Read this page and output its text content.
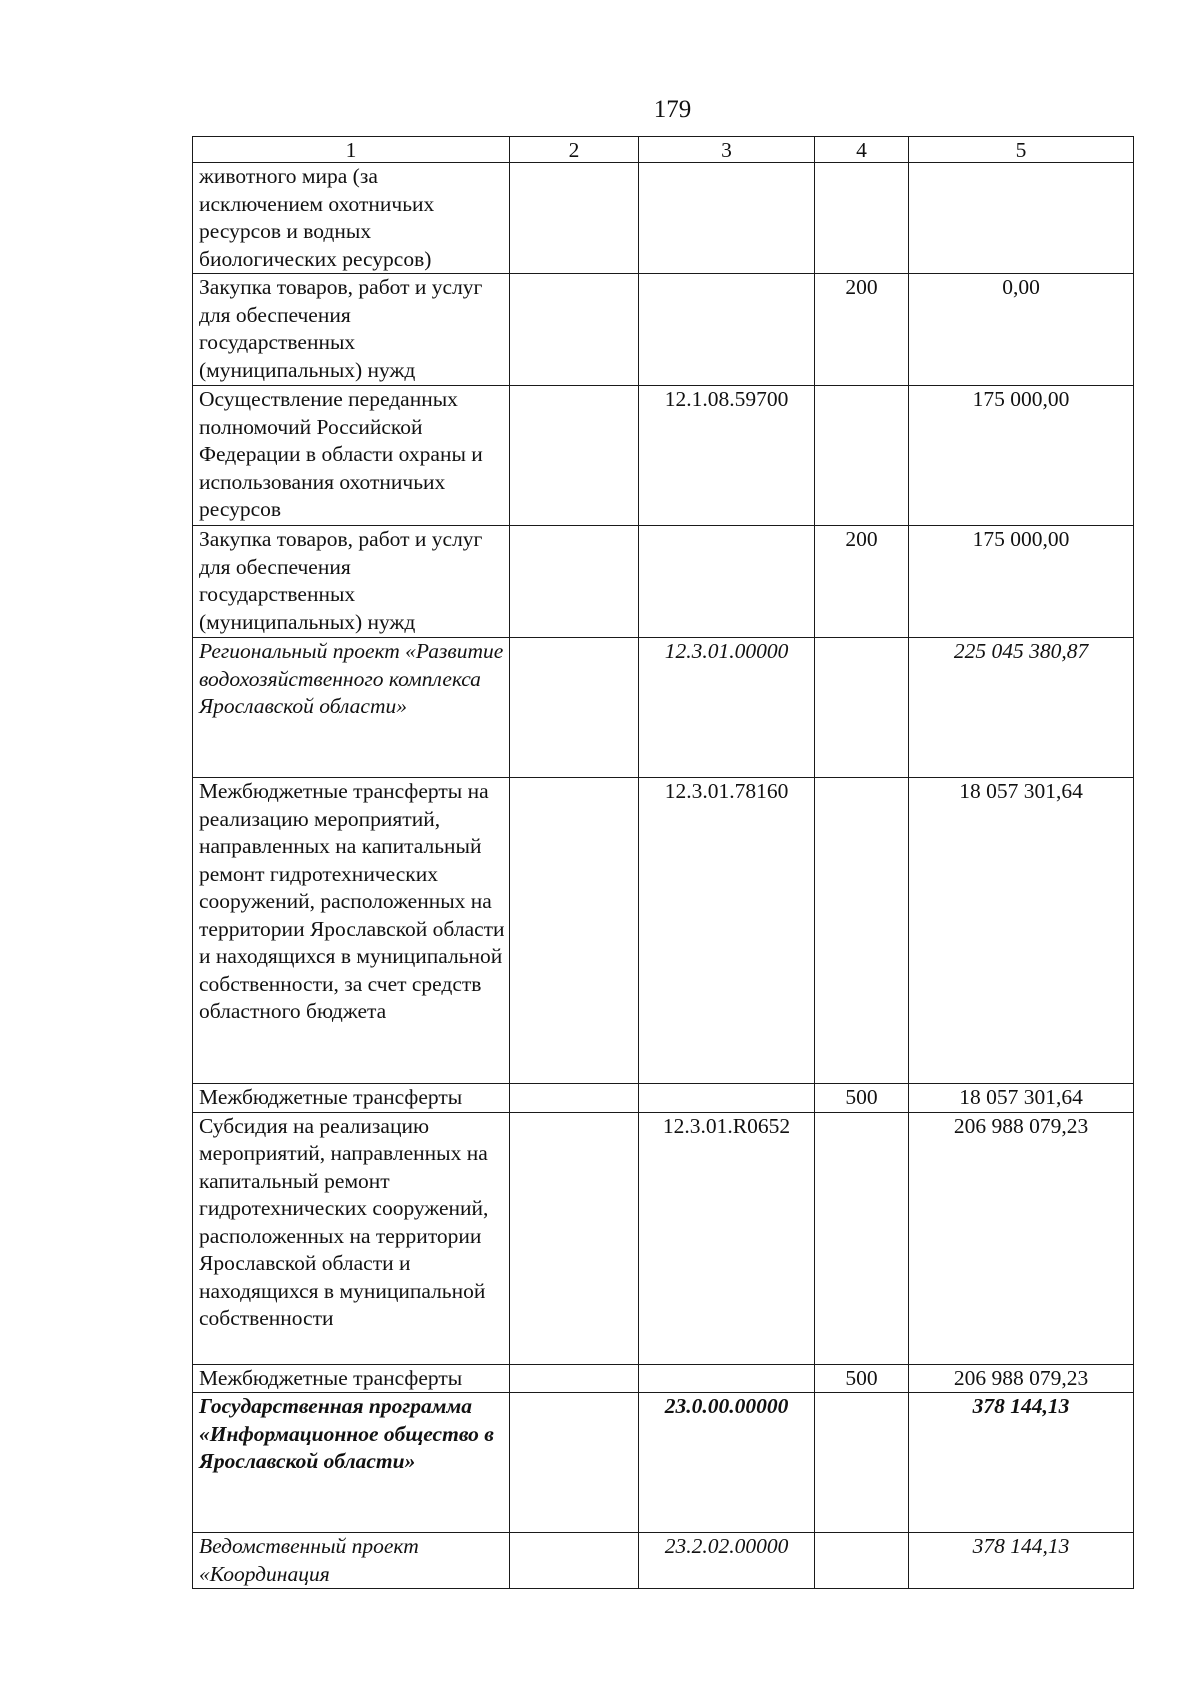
179
1	2	3	4	5
животного мира (за исключением охотничьих ресурсов и водных биологических ресурсов)				
Закупка товаров, работ и услуг для обеспечения государственных (муниципальных) нужд			200	0,00
Осуществление переданных полномочий Российской Федерации в области охраны и использования охотничьих ресурсов		12.1.08.59700		175 000,00
Закупка товаров, работ и услуг для обеспечения государственных (муниципальных) нужд			200	175 000,00
Региональный проект «Развитие водохозяйственного комплекса Ярославской области»		12.3.01.00000		225 045 380,87
Межбюджетные трансферты на реализацию мероприятий, направленных на капитальный ремонт гидротехнических сооружений, расположенных на территории Ярославской области и находящихся в муниципальной собственности, за счет средств областного бюджета		12.3.01.78160		18 057 301,64
Межбюджетные трансферты			500	18 057 301,64
Субсидия на реализацию мероприятий, направленных на капитальный ремонт гидротехнических сооружений, расположенных на территории Ярославской области и находящихся в муниципальной собственности		12.3.01.R0652		206 988 079,23
Межбюджетные трансферты			500	206 988 079,23
Государственная программа «Информационное общество в Ярославской области»		23.0.00.00000		378 144,13
Ведомственный проект «Координация		23.2.02.00000		378 144,13
